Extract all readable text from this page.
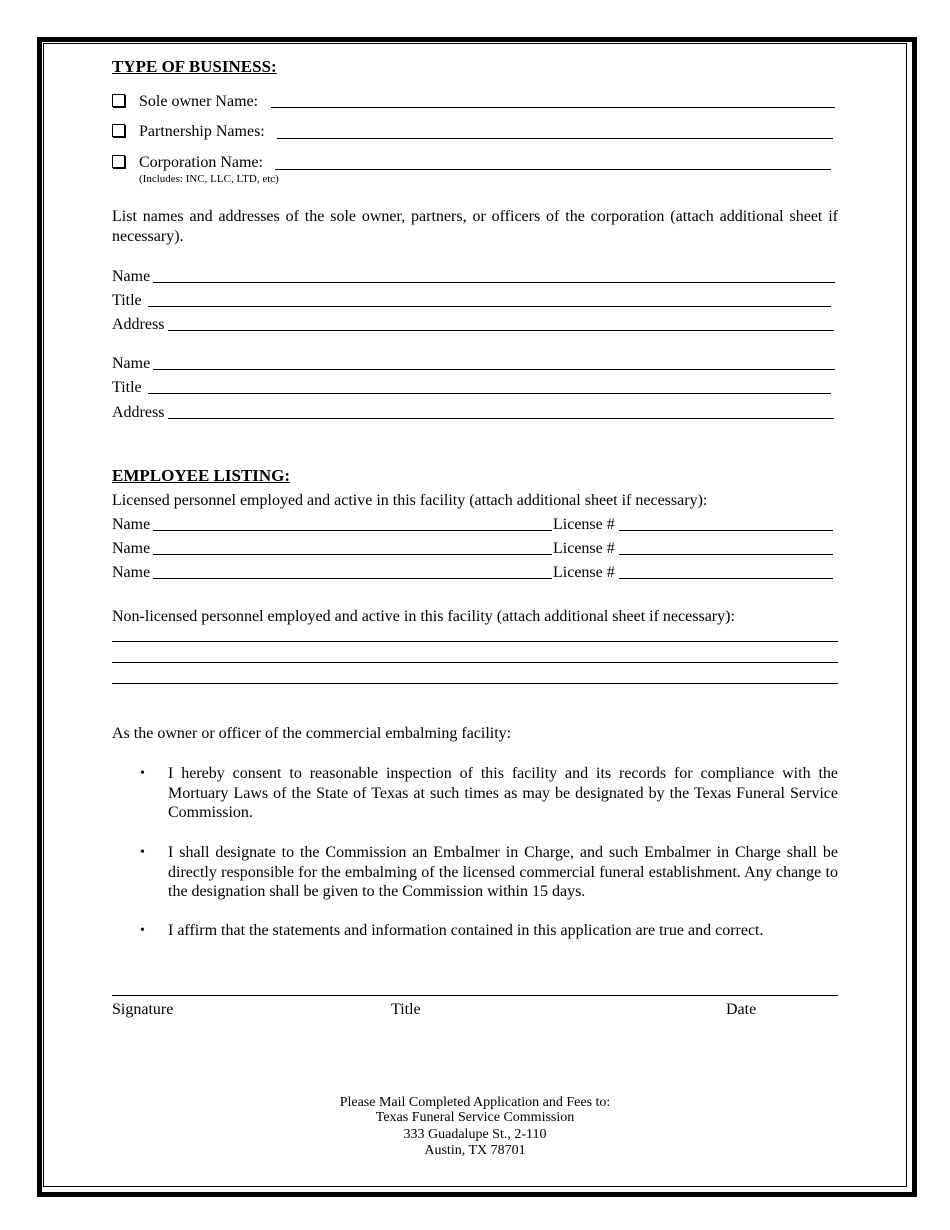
TYPE OF BUSINESS:
Sole owner Name:
Partnership Names:
Corporation Name:
(Includes: INC, LLC, LTD, etc)
List names and addresses of the sole owner, partners, or officers of the corporation (attach additional sheet if necessary).
Name
Title
Address
Name
Title
Address
EMPLOYEE LISTING:
Licensed personnel employed and active in this facility (attach additional sheet if necessary):
Name	License #
Name	License #
Name	License #
Non-licensed personnel employed and active in this facility (attach additional sheet if necessary):
As the owner or officer of the commercial embalming facility:
• I hereby consent to reasonable inspection of this facility and its records for compliance with the Mortuary Laws of the State of Texas at such times as may be designated by the Texas Funeral Service Commission.
• I shall designate to the Commission an Embalmer in Charge, and such Embalmer in Charge shall be directly responsible for the embalming of the licensed commercial funeral establishment. Any change to the designation shall be given to the Commission within 15 days.
• I affirm that the statements and information contained in this application are true and correct.
Signature	Title	Date
Please Mail Completed Application and Fees to:
Texas Funeral Service Commission
333 Guadalupe St., 2-110
Austin, TX 78701
